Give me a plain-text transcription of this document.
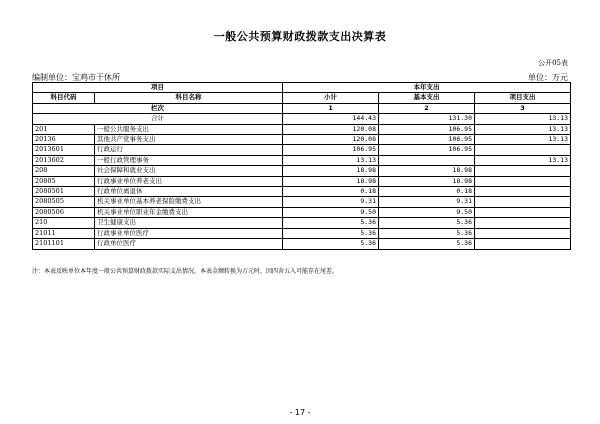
一般公共预算财政拨款支出决算表
公开05表
编制单位：宝鸡市干休所	单位：万元
项目		本年支出		
科目代码	科目名称	小计	基本支出	项目支出
栏次		1	2	3
合计		144.43	131.30	13.13
201	一般公共服务支出	120.08	106.95	13.13
20136	其他共产党事务支出	120.08	106.95	13.13
2013601	行政运行	106.95	106.95	
2013602	一般行政管理事务	13.13		13.13
208	社会保障和就业支出	18.98	18.98	
20805	行政事业单位养老支出	18.98	18.98	
2080501	行政单位离退休	0.18	0.18	
2080505	机关事业单位基本养老保险缴费支出	9.31	9.31	
2080506	机关事业单位职业年金缴费支出	9.50	9.50	
210	卫生健康支出	5.36	5.36	
21011	行政事业单位医疗	5.36	5.36	
2101101	行政单位医疗	5.36	5.36	
注：本表反映单位本年度一般公共预算财政拨款实际支出情况。本表金额转换为万元时，因四舍五入可能存在尾差。
- 17 -
